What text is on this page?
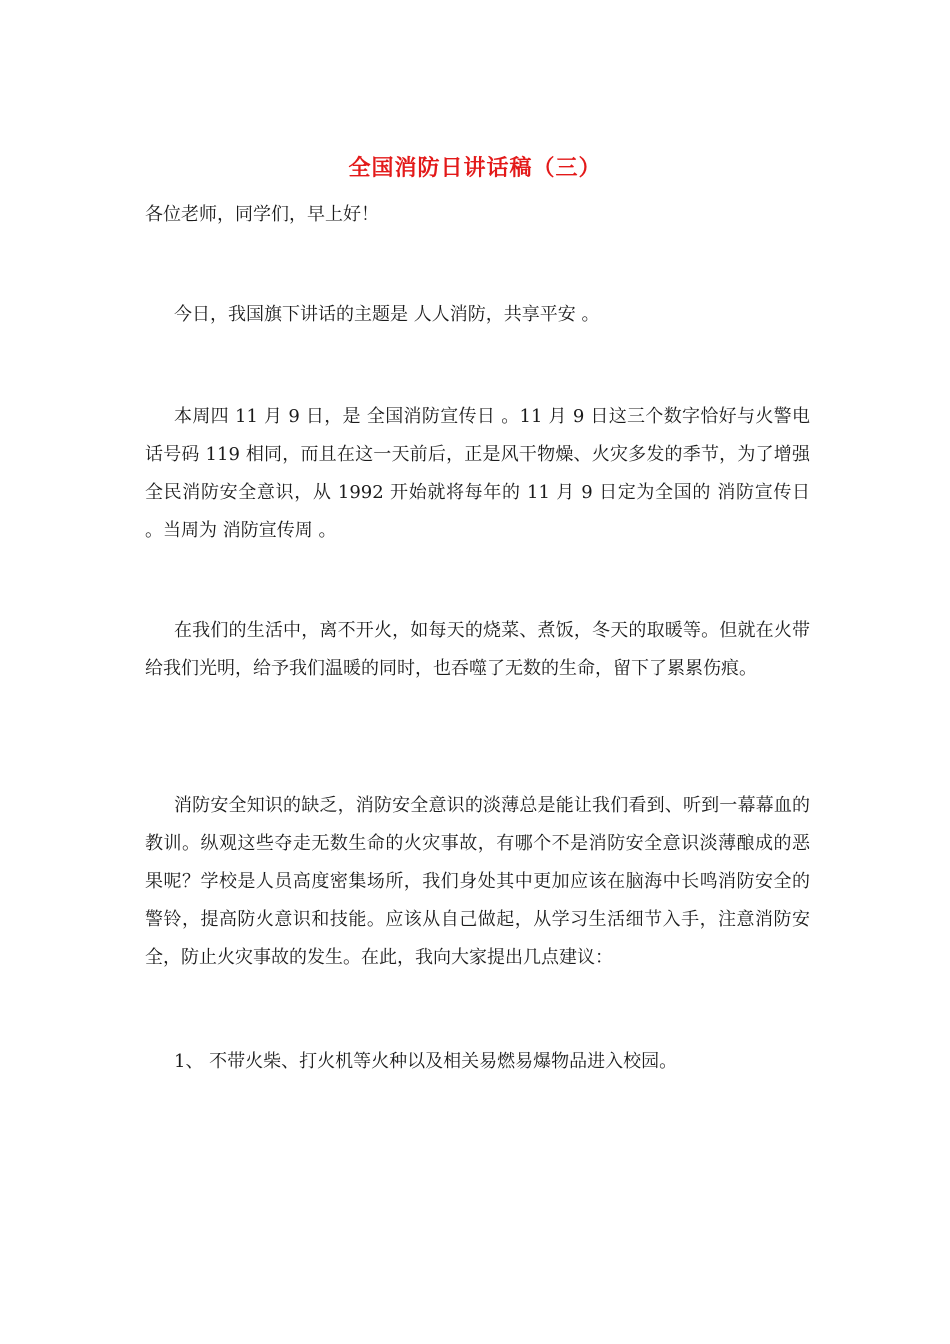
全国消防日讲话稿（三）

各位老师，同学们，早上好！

今日，我国旗下讲话的主题是 人人消防，共享平安 。

本周四 11 月 9 日，是 全国消防宣传日 。11 月 9 日这三个数字恰好与火警电话号码 119 相同，而且在这一天前后，正是风干物燥、火灾多发的季节，为了增强全民消防安全意识，从 1992 开始就将每年的 11 月 9 日定为全国的 消防宣传日 。当周为 消防宣传周 。

在我们的生活中，离不开火，如每天的烧菜、煮饭，冬天的取暖等。但就在火带给我们光明，给予我们温暖的同时，也吞噬了无数的生命，留下了累累伤痕。

消防安全知识的缺乏，消防安全意识的淡薄总是能让我们看到、听到一幕幕血的教训。纵观这些夺走无数生命的火灾事故，有哪个不是消防安全意识淡薄酿成的恶果呢？学校是人员高度密集场所，我们身处其中更加应该在脑海中长鸣消防安全的警铃，提高防火意识和技能。应该从自己做起，从学习生活细节入手，注意消防安全，防止火灾事故的发生。在此，我向大家提出几点建议：

1、 不带火柴、打火机等火种以及相关易燃易爆物品进入校园。
